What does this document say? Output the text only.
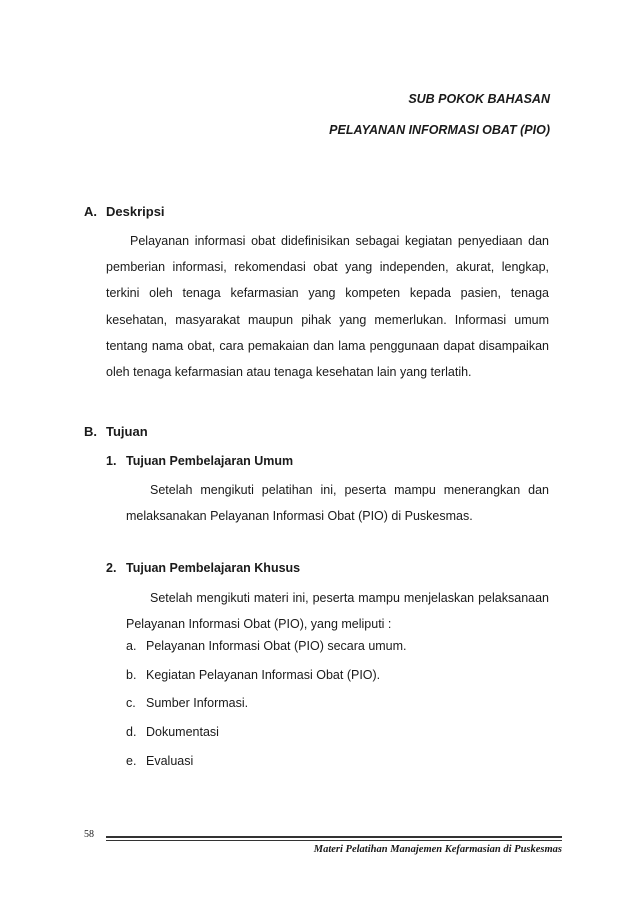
SUB POKOK BAHASAN
PELAYANAN INFORMASI OBAT (PIO)
A. Deskripsi
Pelayanan informasi obat didefinisikan sebagai kegiatan penyediaan dan pemberian informasi, rekomendasi obat yang independen, akurat, lengkap, terkini oleh tenaga kefarmasian yang kompeten kepada pasien, tenaga kesehatan, masyarakat maupun pihak yang memerlukan. Informasi umum tentang nama obat, cara pemakaian dan lama penggunaan dapat disampaikan oleh tenaga kefarmasian atau tenaga kesehatan lain yang terlatih.
B. Tujuan
1. Tujuan Pembelajaran Umum
Setelah mengikuti pelatihan ini, peserta mampu menerangkan dan melaksanakan Pelayanan Informasi Obat (PIO) di Puskesmas.
2. Tujuan Pembelajaran Khusus
Setelah mengikuti materi ini, peserta mampu menjelaskan pelaksanaan Pelayanan Informasi Obat (PIO), yang meliputi :
a. Pelayanan Informasi Obat (PIO) secara umum.
b. Kegiatan Pelayanan Informasi Obat (PIO).
c. Sumber Informasi.
d. Dokumentasi
e. Evaluasi
58
Materi Pelatihan Manajemen Kefarmasian di Puskesmas
